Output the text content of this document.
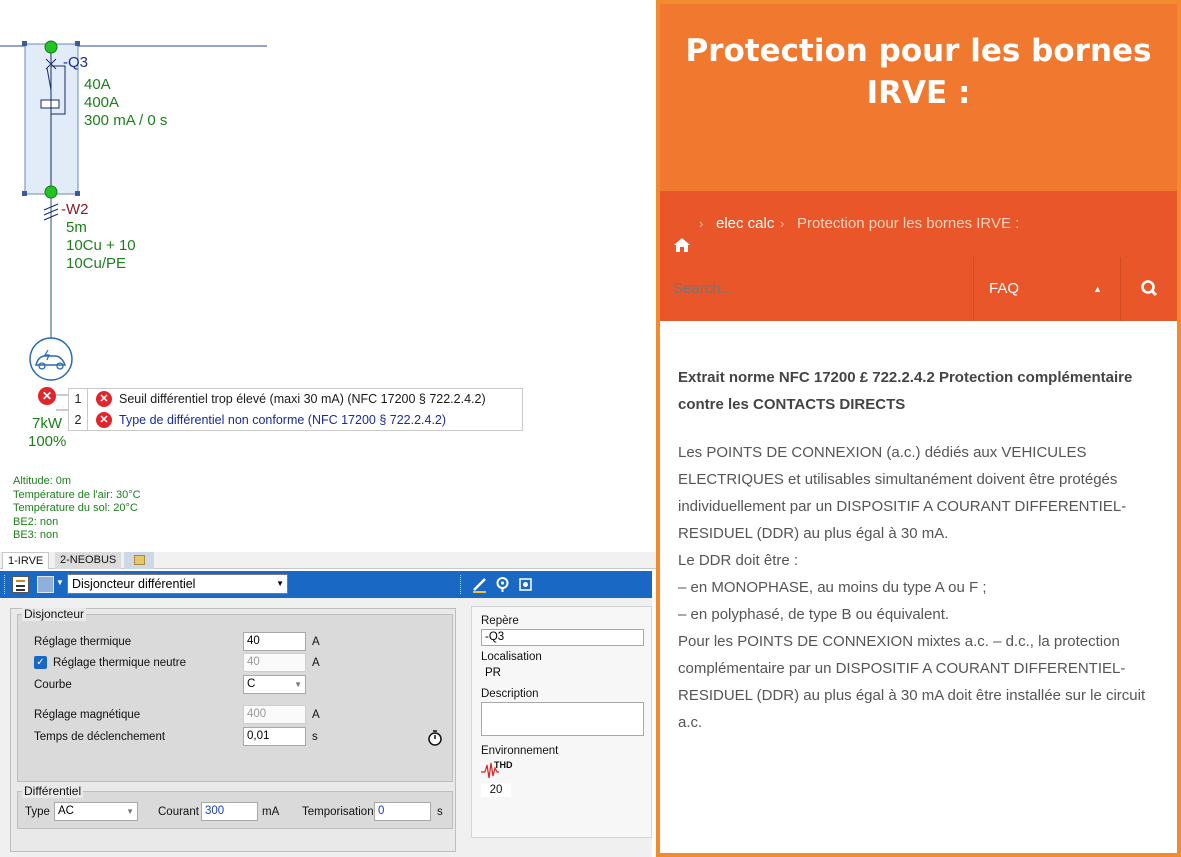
-Q3
40A
400A
300 mA / 0 s
-W2
5m
10Cu + 10
10Cu/PE
✕
7kW
100%
1	✕ Seuil différentiel trop élevé (maxi 30 mA) (NFC 17200 § 722.2.4.2)
2	✕ Type de différentiel non conforme (NFC 17200 § 722.2.4.2)
Altitude: 0m
Température de l'air: 30°C
Température du sol: 20°C
BE2: non
BE3: non
1-IRVE	2-NEOBUS
▼ Disjoncteur différentiel	▼
Disjoncteur
Réglage thermique	40	A
✓ Réglage thermique neutre	40	A
Courbe	C	▼
Réglage magnétique	400	A
Temps de déclenchement	0,01	s
Différentiel
Type AC	▼ Courant 300	mA Temporisation 0	s
Repère
-Q3
Localisation
PR
Description
Environnement
THD
20
Protection pour les bornes
IRVE :
› elec calc › Protection pour les bornes IRVE :
Search...
FAQ	▲
▼

Extrait norme NFC 17200 £ 722.2.4.2 Protection complémentaire contre les CONTACTS DIRECTS

Les POINTS DE CONNEXION (a.c.) dédiés aux VEHICULES ELECTRIQUES et utilisables simultanément doivent être protégés individuellement par un DISPOSITIF A COURANT DIFFERENTIEL-RESIDUEL (DDR) au plus égal à 30 mA.

Le DDR doit être :

– en MONOPHASE, au moins du type A ou F ;

– en polyphasé, de type B ou équivalent.

Pour les POINTS DE CONNEXION mixtes a.c. – d.c., la protection complémentaire par un DISPOSITIF A COURANT DIFFERENTIEL-RESIDUEL (DDR) au plus égal à 30 mA doit être installée sur le circuit a.c.
